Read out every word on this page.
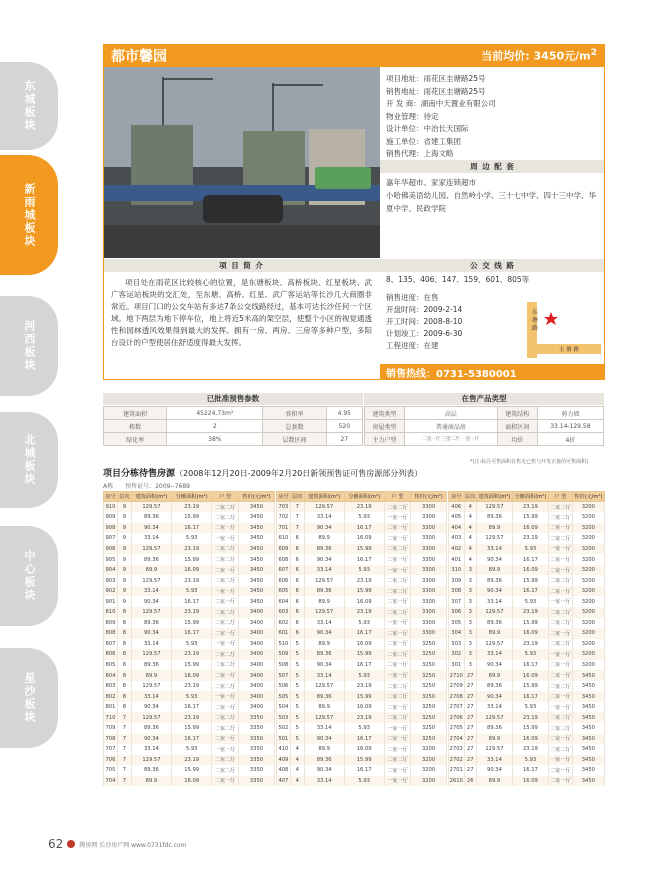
东城板块
新雨城板块
河西板块
北城板块
中心板块
星沙板块
都市馨园	当前均价: 3450元$/m^2$
项目地址：雨花区圭塘路25号
销售地址：雨花区圭塘路25号
开 发 商：湖南中天置业有限公司
物业管理：待定
设计单位：中冶长天国际
施工单位：省建工集团
销售代理：上海文略
周 边 配 套
嘉年华超市、家家连锁超市
小哈佛美语幼儿园、自然岭小学、三十七中学、四十三中学、华夏中学、民政学院
项 目 简 介
项目处在雨花区比较核心的位置，是东塘板块、高桥板块、红星板块、武广客运站板块的交汇处，至东塘、高桥、红星、武广客运站等长沙几大商圈非常近。项目门口的公交车站有多达7条公交线路经过，基本可达长沙任何一个区域。地下两层为地下停车位，地上将近5米高的架空层，使整个小区的视觉通透性和园林透风效果得到最大的发挥。拥有一房、两房、三房等多种户型，多阳台设计的户型使居住舒适度得最大发挥。
公 交 线 路
8、135、406、147、159、601、805等
销售进度：在售
开盘时间：2009-2-14
开工时间：2008-8-10
计划竣工：2009-6-30
工程进度：在建
东塘路
圭 塘 路
销售热线：0731-5380001
已批准预售参数
建筑面积	45224.73m²	容积率	4.95
栋数	2	总套数	520
绿化率	38%	层数区间	27
在售产品类型
建筑类型	高层	建筑结构	剪力墙
房屋类型	普通商品房	面积区间	33.14-129.58
主力户型	二室一厅 三室二厅 一室一厅	均价	4折
*(注:标注可售面积在售无已售与开发正接的可售面积)
项目分栋待售房源（2008年12月20日-2009年2月20日新领预售证可售房源部分列表）
A栋 预售证号：2009--7689
房号	层次	建筑面积(m²)	分摊面积(m²)	户 型	售价(元/m²)
910	9	129.57	23.19	二室二厅	3450
909	9	89.36	15.99	二室二厅	3450
908	9	90.34	16.17	二室一厅	3450
907	9	33.14	5.93	一室一厅	3450
906	9	129.57	23.19	二室二厅	3450
905	9	89.36	15.99	二室二厅	3450
904	9	89.9	16.09	二室一厅	3450
903	9	129.57	23.19	二室二厅	3450
902	9	33.14	5.93	一室一厅	3450
901	9	90.34	16.17	二室一厅	3450
810	8	129.57	23.19	二室二厅	3400
809	8	89.36	15.99	二室二厅	3400
808	8	90.34	16.17	二室一厅	3400
807	8	33.14	5.93	一室一厅	3400
806	8	129.57	23.19	二室二厅	3400
805	8	89.36	15.99	二室二厅	3400
804	8	89.9	16.09	二室一厅	3400
803	8	129.57	23.19	二室二厅	3400
802	8	33.14	5.93	一室一厅	3400
801	8	90.34	16.17	二室一厅	3400
710	7	129.57	23.19	二室二厅	3350
709	7	89.36	15.99	二室二厅	3350
708	7	90.34	16.17	二室一厅	3350
707	7	33.14	5.93	一室一厅	3350
706	7	129.57	23.19	二室二厅	3350
705	7	89.36	15.99	二室二厅	3350
704	7	89.9	16.09	二室一厅	3350
房号	层次	建筑面积(m²)	分摊面积(m²)	户 型	售价(元/m²)
703	7	129.57	23.19	二室二厅	3300
702	7	33.14	5.93	一室一厅	3300
701	7	90.34	16.17	二室一厅	3300
610	6	89.9	16.09	二室一厅	3300
609	6	89.36	15.99	二室二厅	3300
608	6	90.34	16.17	二室一厅	3300
607	6	33.14	5.93	一室一厅	3300
606	6	129.57	23.19	二室二厅	3300
605	6	89.36	15.99	二室二厅	3300
604	6	89.9	16.09	二室一厅	3300
603	6	129.57	23.19	二室二厅	3300
602	6	33.14	5.93	一室一厅	3300
601	6	90.34	16.17	二室一厅	3300
510	5	89.9	16.09	二室一厅	3250
509	5	89.36	15.99	二室二厅	3250
508	5	90.34	16.17	二室一厅	3250
507	5	33.14	5.93	一室一厅	3250
506	5	129.57	23.19	二室二厅	3250
505	5	89.36	15.99	二室二厅	3250
504	5	89.9	16.09	二室一厅	3250
503	5	129.57	23.19	二室二厅	3250
502	5	33.14	5.93	一室一厅	3250
501	5	90.34	16.17	二室一厅	3250
410	4	89.9	16.09	二室一厅	3200
409	4	89.36	15.99	二室二厅	3200
408	4	90.34	16.17	二室一厅	3200
407	4	33.14	5.93	一室一厅	3200
房号	层次	建筑面积(m²)	分摊面积(m²)	户 型	售价(元/m²)
406	4	129.57	23.19	二室二厅	3200
405	4	89.36	15.99	二室二厅	3200
404	4	89.9	16.09	二室一厅	3200
403	4	129.57	23.19	二室二厅	3200
402	4	33.14	5.93	一室一厅	3200
401	4	90.34	16.17	二室一厅	3200
310	3	89.9	16.09	二室一厅	3200
309	3	89.36	15.99	二室二厅	3200
308	3	90.34	16.17	二室一厅	3200
307	3	33.14	5.93	一室一厅	3200
306	3	129.57	23.19	二室二厅	3200
305	3	89.36	15.99	二室二厅	3200
304	3	89.9	16.09	二室一厅	3200
303	3	129.57	23.19	二室二厅	3200
302	3	33.14	5.93	一室一厅	3200
301	3	90.34	16.17	二室一厅	3200
2710	27	89.9	16.09	二室一厅	3450
2709	27	89.36	15.99	二室二厅	3450
2708	27	90.34	16.17	二室一厅	3450
2707	27	33.14	5.93	一室一厅	3450
2706	27	129.57	23.19	二室二厅	3450
2705	27	89.36	15.99	二室二厅	3450
2704	27	89.9	16.09	二室一厅	3450
2703	27	129.57	23.19	二室二厅	3450
2702	27	33.14	5.93	一室一厅	3450
2701	27	90.34	16.17	二室一厅	3450
2610	26	89.9	16.09	二室一厅	3450
62	腾房网 长沙房产网 www.0731fdc.com
